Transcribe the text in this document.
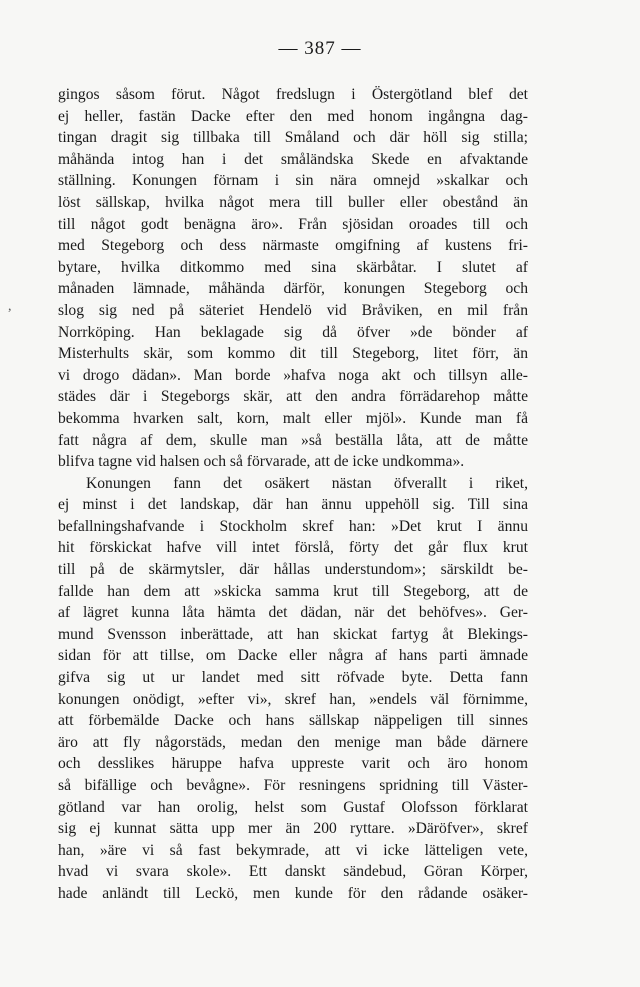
— 387 —
,
gingos såsom förut. Något fredslugn i Östergötland blef det
ej heller, fastän Dacke efter den med honom ingångna dag-
tingan dragit sig tillbaka till Småland och där höll sig stilla;
måhända intog han i det småländska Skede en afvaktande
ställning. Konungen förnam i sin nära omnejd »skalkar och
löst sällskap, hvilka något mera till buller eller obestånd än
till något godt benägna äro». Från sjösidan oroades till och
med Stegeborg och dess närmaste omgifning af kustens fri-
bytare, hvilka ditkommo med sina skärbåtar. I slutet af
månaden lämnade, måhända därför, konungen Stegeborg och
slog sig ned på säteriet Hendelö vid Bråviken, en mil från
Norrköping. Han beklagade sig då öfver »de bönder af
Misterhults skär, som kommo dit till Stegeborg, litet förr, än
vi drogo dädan». Man borde »hafva noga akt och tillsyn alle-
städes där i Stegeborgs skär, att den andra förrädarehop måtte
bekomma hvarken salt, korn, malt eller mjöl». Kunde man få
fatt några af dem, skulle man »så beställa låta, att de måtte
blifva tagne vid halsen och så förvarade, att de icke undkomma».
Konungen fann det osäkert nästan öfverallt i riket,
ej minst i det landskap, där han ännu uppehöll sig. Till sina
befallningshafvande i Stockholm skref han: »Det krut I ännu
hit förskickat hafve vill intet förslå, förty det går flux krut
till på de skärmytsler, där hållas understundom»; särskildt be-
fallde han dem att »skicka samma krut till Stegeborg, att de
af lägret kunna låta hämta det dädan, när det behöfves». Ger-
mund Svensson inberättade, att han skickat fartyg åt Blekings-
sidan för att tillse, om Dacke eller några af hans parti ämnade
gifva sig ut ur landet med sitt röfvade byte. Detta fann
konungen onödigt, »efter vi», skref han, »endels väl förnimme,
att förbemälde Dacke och hans sällskap näppeligen till sinnes
äro att fly någorstäds, medan den menige man både därnere
och desslikes häruppe hafva uppreste varit och äro honom
så bifällige och bevågne». För resningens spridning till Väster-
götland var han orolig, helst som Gustaf Olofsson förklarat
sig ej kunnat sätta upp mer än 200 ryttare. »Däröfver», skref
han, »äre vi så fast bekymrade, att vi icke lätteligen vete,
hvad vi svara skole». Ett danskt sändebud, Göran Körper,
hade anländt till Leckö, men kunde för den rådande osäker-
